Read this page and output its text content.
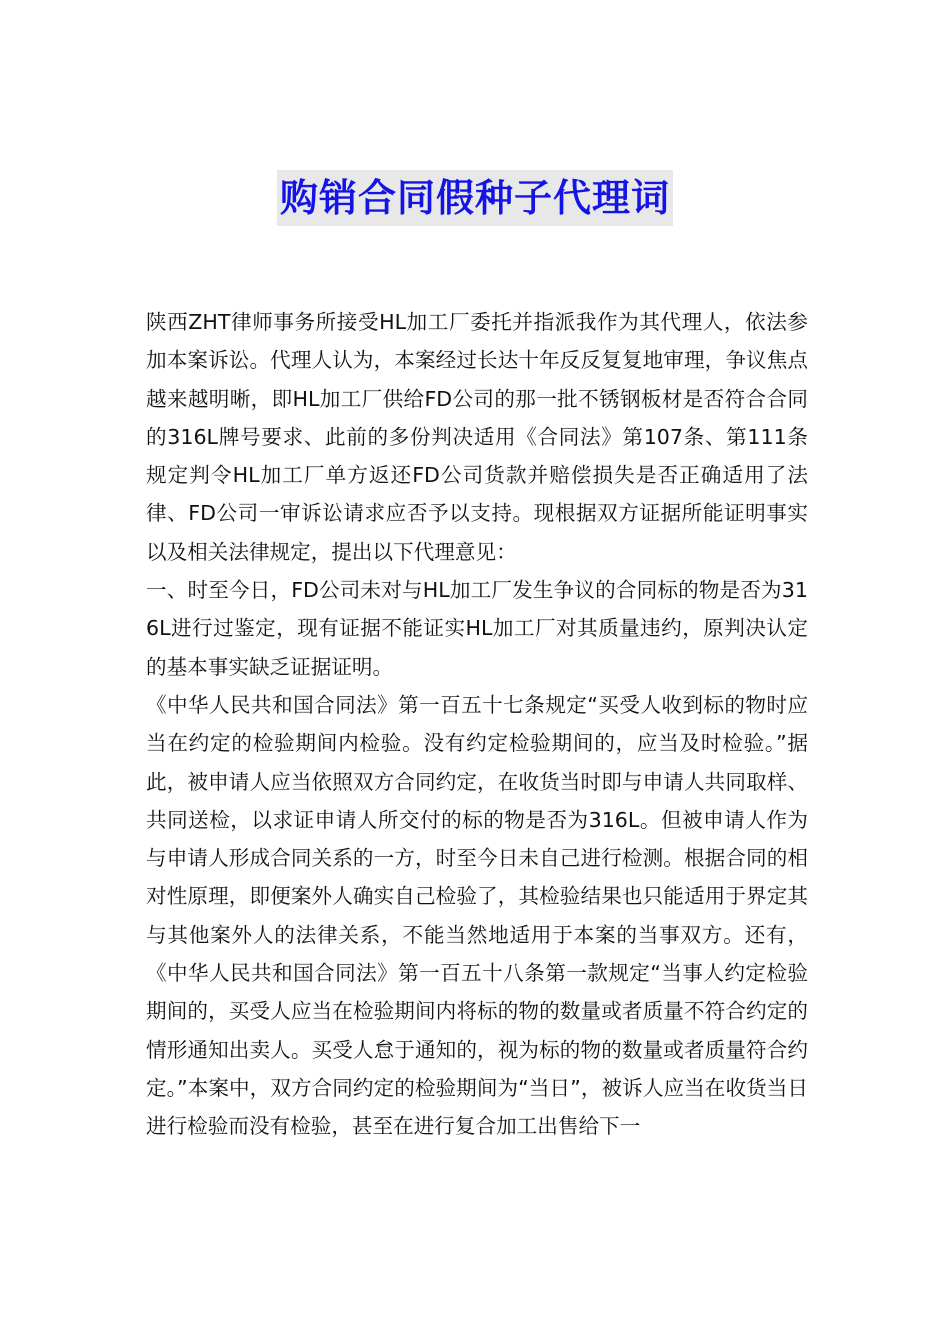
购销合同假种子代理词

陕西ZHT律师事务所接受HL加工厂委托并指派我作为其代理人，依法参加本案诉讼。代理人认为，本案经过长达十年反反复复地审理，争议焦点越来越明晰，即HL加工厂供给FD公司的那一批不锈钢板材是否符合合同的316L牌号要求、此前的多份判决适用《合同法》第107条、第111条规定判令HL加工厂单方返还FD公司货款并赔偿损失是否正确适用了法律、FD公司一审诉讼请求应否予以支持。现根据双方证据所能证明事实以及相关法律规定，提出以下代理意见：

一、时至今日，FD公司未对与HL加工厂发生争议的合同标的物是否为316L进行过鉴定，现有证据不能证实HL加工厂对其质量违约，原判决认定的基本事实缺乏证据证明。

《中华人民共和国合同法》第一百五十七条规定“买受人收到标的物时应当在约定的检验期间内检验。没有约定检验期间的，应当及时检验。”据此，被申请人应当依照双方合同约定，在收货当时即与申请人共同取样、共同送检，以求证申请人所交付的标的物是否为316L。但被申请人作为与申请人形成合同关系的一方，时至今日未自己进行检测。根据合同的相对性原理，即便案外人确实自己检验了，其检验结果也只能适用于界定其与其他案外人的法律关系，不能当然地适用于本案的当事双方。还有，《中华人民共和国合同法》第一百五十八条第一款规定“当事人约定检验期间的，买受人应当在检验期间内将标的物的数量或者质量不符合约定的情形通知出卖人。买受人怠于通知的，视为标的物的数量或者质量符合约定。”本案中，双方合同约定的检验期间为“当日”，被诉人应当在收货当日进行检验而没有检验，甚至在进行复合加工出售给下一
